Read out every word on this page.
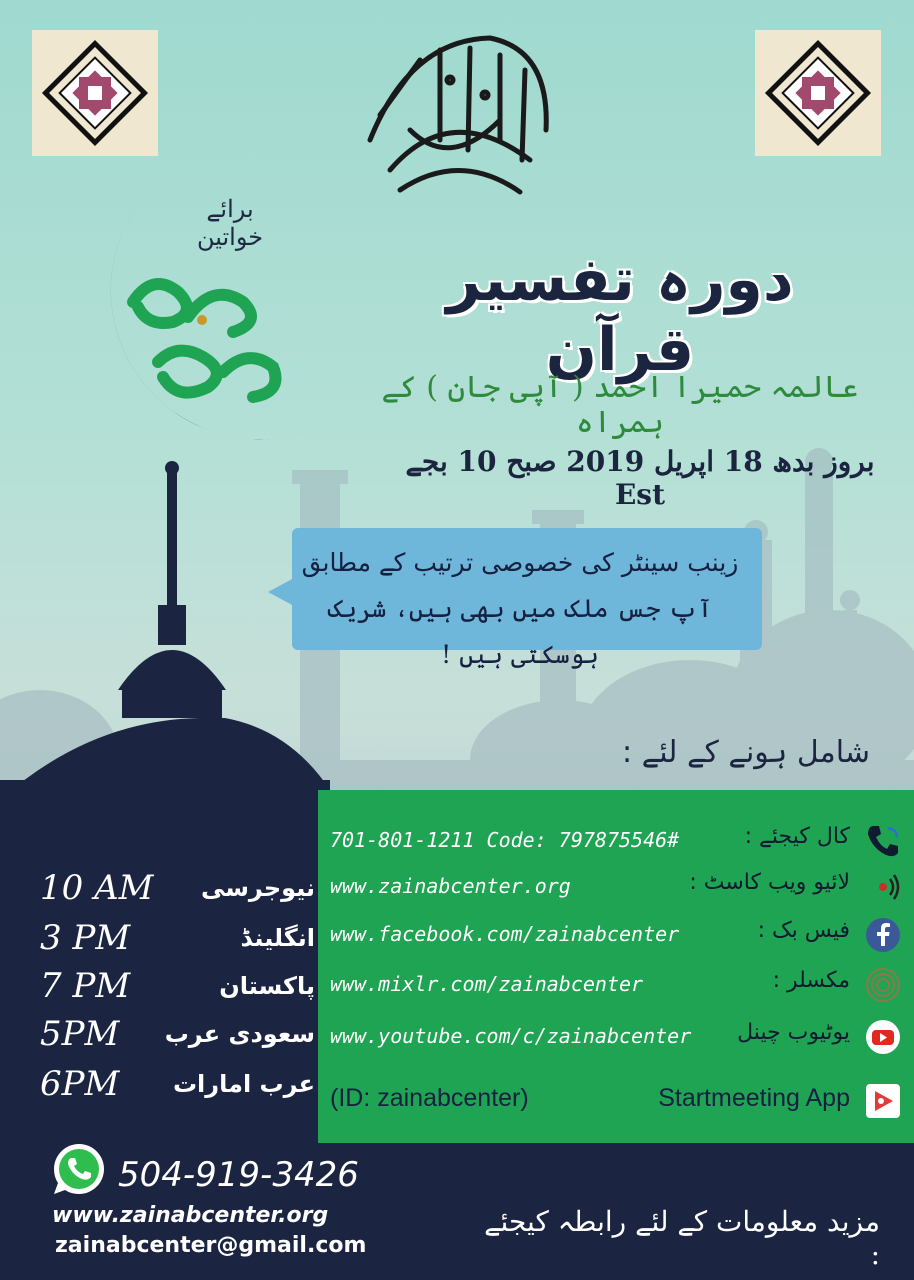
برائے خواتین
دورہ تفسیر قرآن
عالمہ حمیرا احمد ( آپی جان ) کے ہمراہ
بروز بدھ 18 اپریل 2019 صبح 10 بجے Est
زینب سینٹر کی خصوصی ترتیب کے مطابق
آپ جس ملک میں بھی ہیں، شریک ہوسکتی ہیں !
شامل ہونے کے لئے :
کال کیجئے :
701-801-1211 Code: 797875546#
لائیو ویب کاسٹ :
www.zainabcenter.org
فیس بک :
www.facebook.com/zainabcenter
مکسلر :
www.mixlr.com/zainabcenter
یوٹیوب چینل
www.youtube.com/c/zainabcenter
Startmeeting App
(ID: zainabcenter)
10 AM نیوجرسی
3 PM	انگلینڈ
7 PM	پاکستان
5PM سعودی عرب
6PM عرب امارات
504-919-3426
www.zainabcenter.org
zainabcenter@gmail.com
مزید معلومات کے لئے رابطہ کیجئے :
